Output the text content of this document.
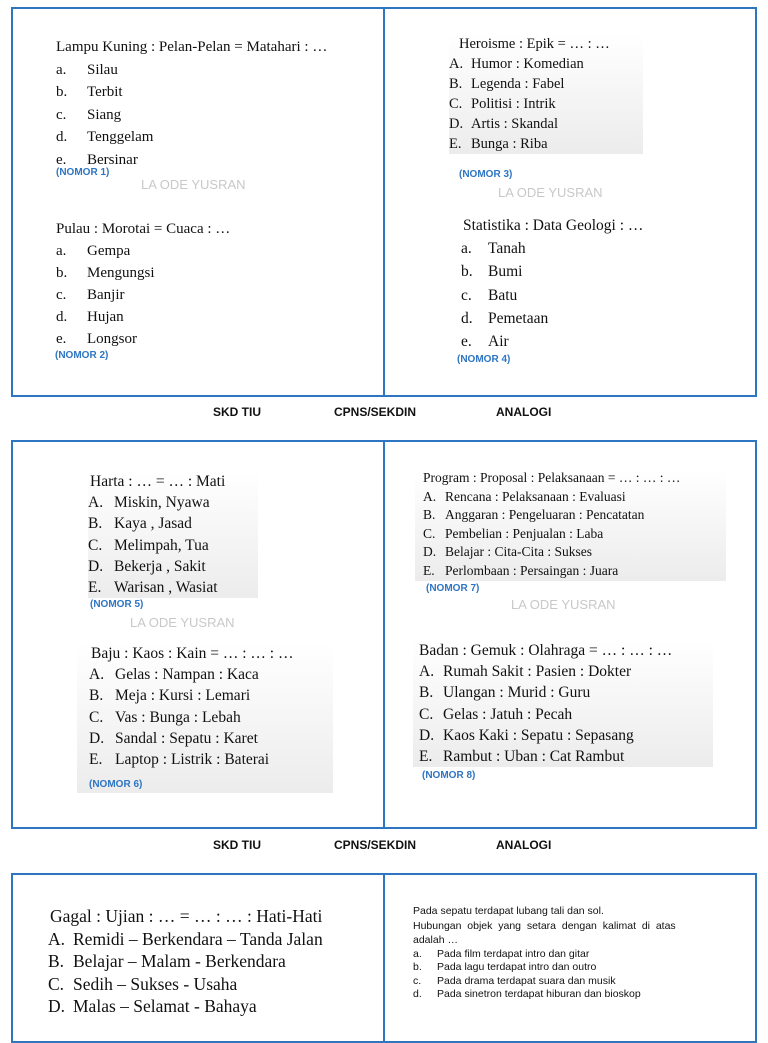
Lampu Kuning : Pelan-Pelan = Matahari : …
a.	Silau
b.	Terbit
c.	Siang
d.	Tenggelam
e.	Bersinar
(NOMOR 1)
LA ODE YUSRAN
Pulau : Morotai = Cuaca : …
a.	Gempa
b.	Mengungsi
c.	Banjir
d.	Hujan
e.	Longsor
(NOMOR 2)
Heroisme : Epik = … : …
A. Humor : Komedian
B. Legenda : Fabel
C. Politisi : Intrik
D. Artis : Skandal
E. Bunga : Riba
(NOMOR 3)
LA ODE YUSRAN
Statistika : Data Geologi : …
a.	Tanah
b. Bumi
c.	Batu
d. Pemetaan
e.	Air
(NOMOR 4)
SKD TIU	CPNS/SEKDIN	ANALOGI
Harta : … = … : Mati
A. Miskin, Nyawa
B. Kaya , Jasad
C. Melimpah, Tua
D. Bekerja , Sakit
E. Warisan , Wasiat
(NOMOR 5)
LA ODE YUSRAN
Baju : Kaos : Kain = … : … : …
A. Gelas : Nampan : Kaca
B. Meja : Kursi : Lemari
C. Vas : Bunga : Lebah
D. Sandal : Sepatu : Karet
E. Laptop : Listrik : Baterai
(NOMOR 6)
Program : Proposal : Pelaksanaan = … : … : …
A. Rencana : Pelaksanaan : Evaluasi
B. Anggaran : Pengeluaran : Pencatatan
C. Pembelian : Penjualan : Laba
D. Belajar : Cita-Cita : Sukses
E. Perlombaan : Persaingan : Juara
(NOMOR 7)
LA ODE YUSRAN
Badan : Gemuk : Olahraga = … : … : …
A. Rumah Sakit : Pasien : Dokter
B. Ulangan : Murid : Guru
C. Gelas : Jatuh : Pecah
D. Kaos Kaki : Sepatu : Sepasang
E. Rambut : Uban : Cat Rambut
(NOMOR 8)
SKD TIU	CPNS/SEKDIN	ANALOGI
Gagal : Ujian : … = … : … : Hati-Hati
A. Remidi – Berkendara – Tanda Jalan
B. Belajar – Malam - Berkendara
C. Sedih – Sukses - Usaha
D. Malas – Selamat - Bahaya
Pada sepatu terdapat lubang tali dan sol.
Hubungan  objek  yang  setara  dengan  kalimat  di  atas
adalah …
a.	Pada film terdapat intro dan gitar
b.	Pada lagu terdapat intro dan outro
c.	Pada drama terdapat suara dan musik
d.	Pada sinetron terdapat hiburan dan bioskop
